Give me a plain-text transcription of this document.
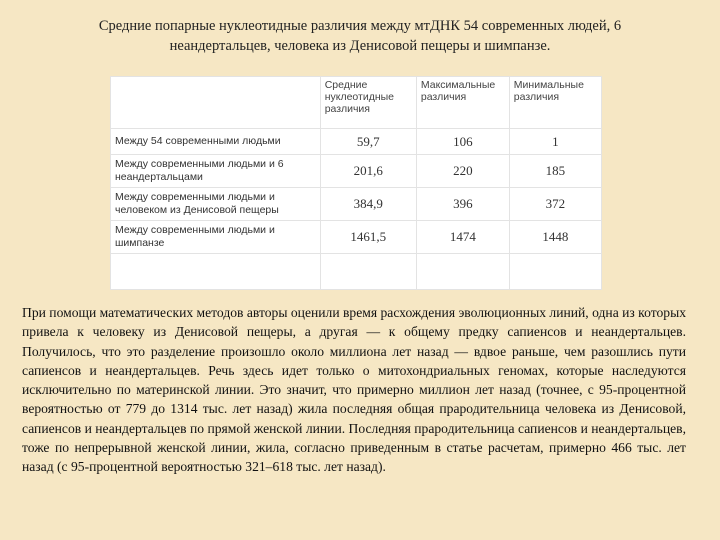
Средние попарные нуклеотидные различия между мтДНК 54 современных людей, 6 неандертальцев, человека из Денисовой пещеры и шимпанзе.
	Средние нуклеотидные различия	Максимальные различия	Минимальные различия
Между 54 современными людьми	59,7	106	1
Между современными людьми и 6 неандертальцами	201,6	220	185
Между современными людьми и человеком из Денисовой пещеры	384,9	396	372
Между современными людьми и шимпанзе	1461,5	1474	1448

При помощи математических методов авторы оценили время расхождения эволюционных линий, одна из которых привела к человеку из Денисовой пещеры, а другая — к общему предку сапиенсов и неандертальцев. Получилось, что это разделение произошло около миллиона лет назад — вдвое раньше, чем разошлись пути сапиенсов и неандертальцев. Речь здесь идет только о митохондриальных геномах, которые наследуются исключительно по материнской линии. Это значит, что примерно миллион лет назад (точнее, с 95-процентной вероятностью от 779 до 1314 тыс. лет назад) жила последняя общая прародительница человека из Денисовой, сапиенсов и неандертальцев по прямой женской линии. Последняя прародительница сапиенсов и неандертальцев, тоже по непрерывной женской линии, жила, согласно приведенным в статье расчетам, примерно 466 тыс. лет назад (с 95-процентной вероятностью 321–618 тыс. лет назад).
